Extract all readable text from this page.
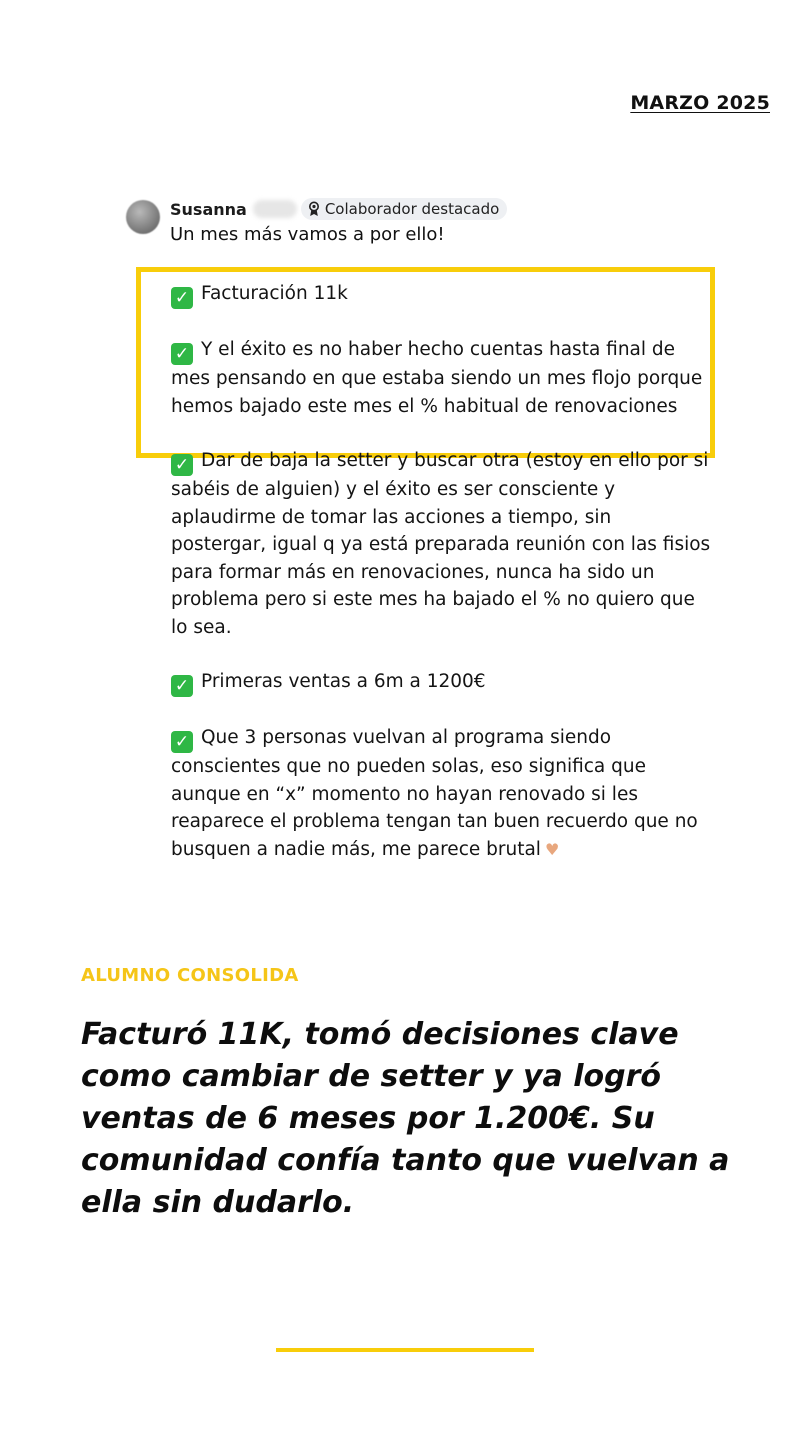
MARZO 2025
Susanna	Colaborador destacado
Un mes más vamos a por ello!
✓ Facturación 11k
✓ Y el éxito es no haber hecho cuentas hasta final de mes pensando en que estaba siendo un mes flojo porque hemos bajado este mes el % habitual de renovaciones
✓ Dar de baja la setter y buscar otra (estoy en ello por si sabéis de alguien) y el éxito es ser consciente y aplaudirme de tomar las acciones a tiempo, sin postergar, igual q ya está preparada reunión con las fisios para formar más en renovaciones, nunca ha sido un problema pero si este mes ha bajado el % no quiero que lo sea.
✓ Primeras ventas a 6m a 1200€
✓ Que 3 personas vuelvan al programa siendo conscientes que no pueden solas, eso significa que aunque en “x” momento no hayan renovado si les reaparece el problema tengan tan buen recuerdo que no busquen a nadie más, me parece brutal ♥
ALUMNO CONSOLIDA
Facturó 11K, tomó decisiones clave como cambiar de setter y ya logró ventas de 6 meses por 1.200€. Su comunidad confía tanto que vuelvan a ella sin dudarlo.
